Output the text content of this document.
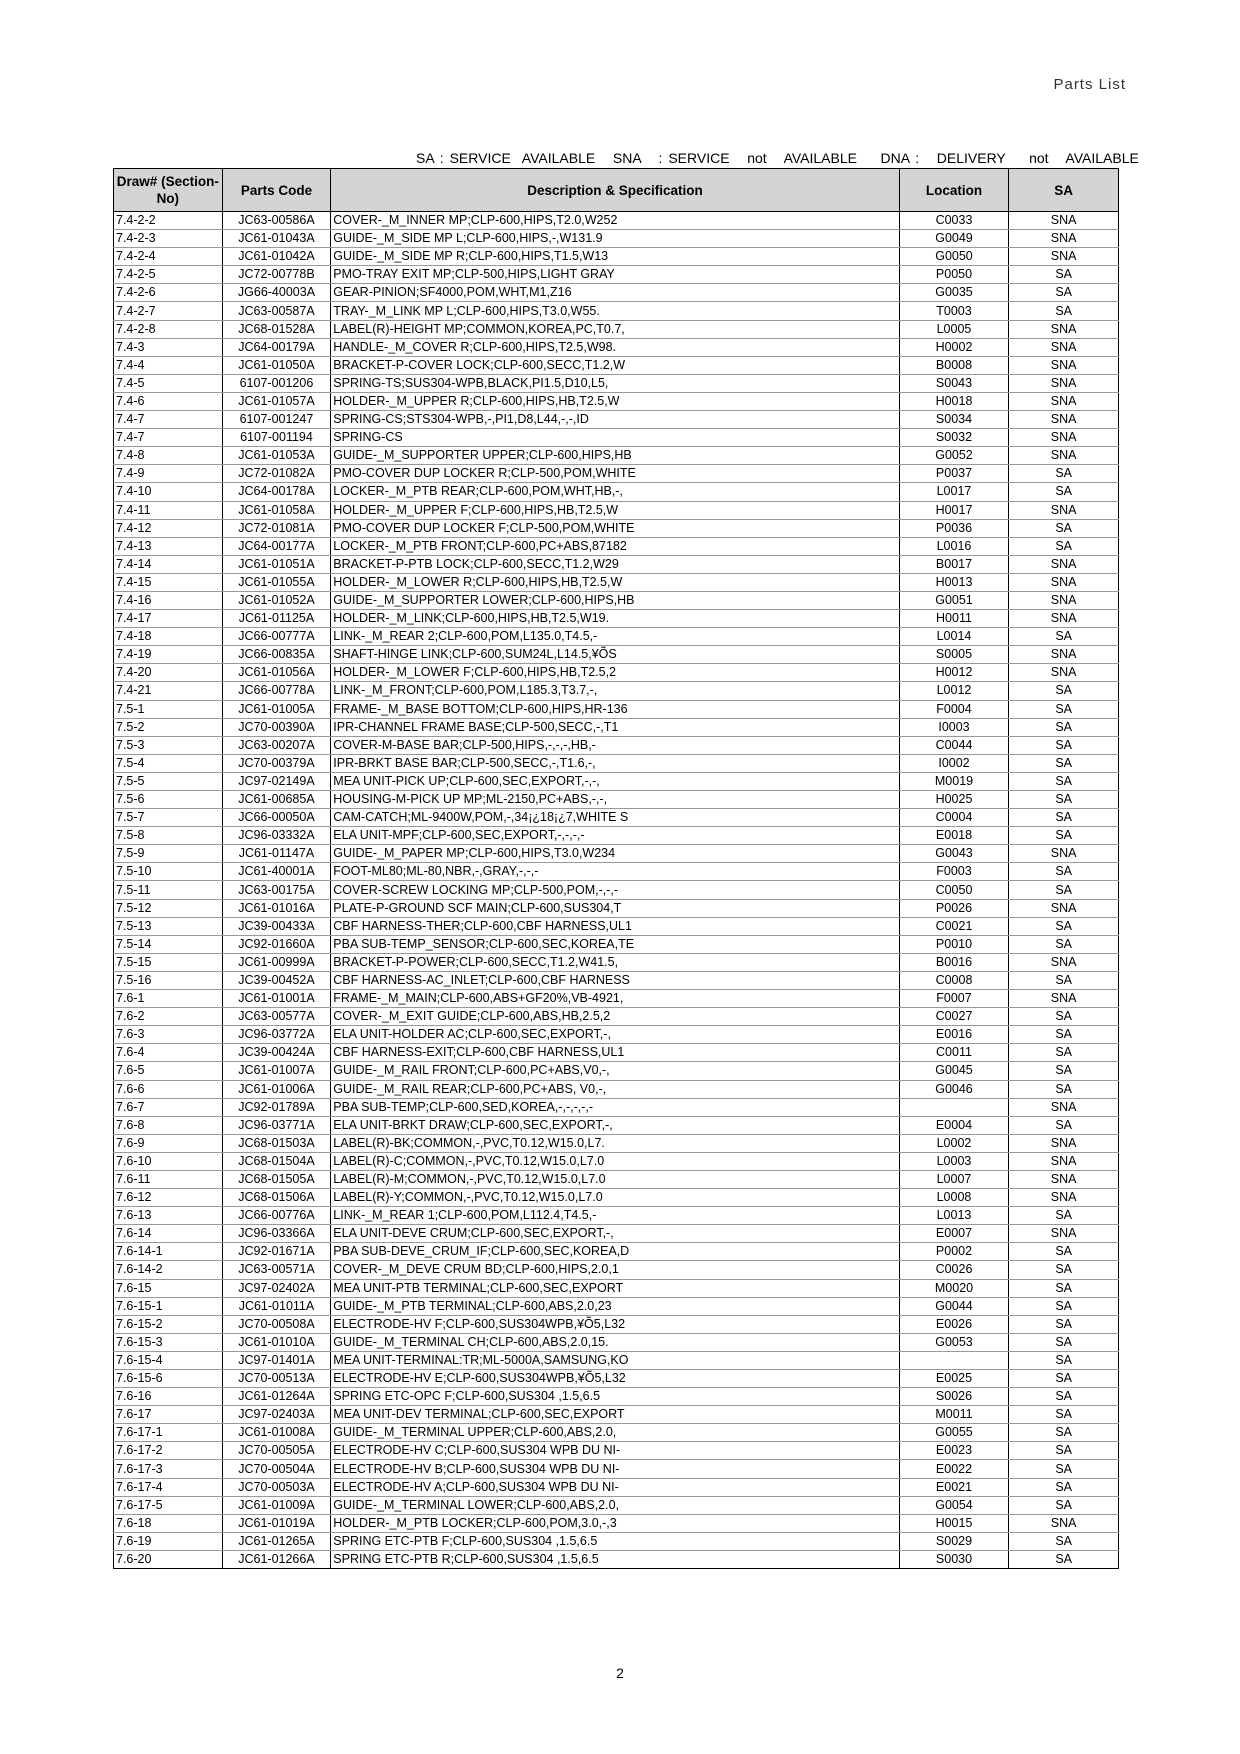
Parts List
SA : SERVICE  AVAILABLE   SNA   : SERVICE   not   AVAILABLE    DNA :   DELIVERY    not   AVAILABLE
Draw# (Section-No)	Parts Code	Description & Specification	Location	SA
7.4-2-2	JC63-00586A	COVER-_M_INNER MP;CLP-600,HIPS,T2.0,W252	C0033	SNA
7.4-2-3	JC61-01043A	GUIDE-_M_SIDE MP L;CLP-600,HIPS,-,W131.9	G0049	SNA
7.4-2-4	JC61-01042A	GUIDE-_M_SIDE MP R;CLP-600,HIPS,T1.5,W13	G0050	SNA
7.4-2-5	JC72-00778B	PMO-TRAY EXIT MP;CLP-500,HIPS,LIGHT GRAY	P0050	SA
7.4-2-6	JG66-40003A	GEAR-PINION;SF4000,POM,WHT,M1,Z16	G0035	SA
7.4-2-7	JC63-00587A	TRAY-_M_LINK MP L;CLP-600,HIPS,T3.0,W55.	T0003	SA
7.4-2-8	JC68-01528A	LABEL(R)-HEIGHT MP;COMMON,KOREA,PC,T0.7,	L0005	SNA
7.4-3	JC64-00179A	HANDLE-_M_COVER R;CLP-600,HIPS,T2.5,W98.	H0002	SNA
7.4-4	JC61-01050A	BRACKET-P-COVER LOCK;CLP-600,SECC,T1.2,W	B0008	SNA
7.4-5	6107-001206	SPRING-TS;SUS304-WPB,BLACK,PI1.5,D10,L5,	S0043	SNA
7.4-6	JC61-01057A	HOLDER-_M_UPPER R;CLP-600,HIPS,HB,T2.5,W	H0018	SNA
7.4-7	6107-001247	SPRING-CS;STS304-WPB,-,PI1,D8,L44,-,-,ID	S0034	SNA
7.4-7	6107-001194	SPRING-CS	S0032	SNA
7.4-8	JC61-01053A	GUIDE-_M_SUPPORTER UPPER;CLP-600,HIPS,HB	G0052	SNA
7.4-9	JC72-01082A	PMO-COVER DUP LOCKER R;CLP-500,POM,WHITE	P0037	SA
7.4-10	JC64-00178A	LOCKER-_M_PTB REAR;CLP-600,POM,WHT,HB,-,	L0017	SA
7.4-11	JC61-01058A	HOLDER-_M_UPPER F;CLP-600,HIPS,HB,T2.5,W	H0017	SNA
7.4-12	JC72-01081A	PMO-COVER DUP LOCKER F;CLP-500,POM,WHITE	P0036	SA
7.4-13	JC64-00177A	LOCKER-_M_PTB FRONT;CLP-600,PC+ABS,87182	L0016	SA
7.4-14	JC61-01051A	BRACKET-P-PTB LOCK;CLP-600,SECC,T1.2,W29	B0017	SNA
7.4-15	JC61-01055A	HOLDER-_M_LOWER R;CLP-600,HIPS,HB,T2.5,W	H0013	SNA
7.4-16	JC61-01052A	GUIDE-_M_SUPPORTER LOWER;CLP-600,HIPS,HB	G0051	SNA
7.4-17	JC61-01125A	HOLDER-_M_LINK;CLP-600,HIPS,HB,T2.5,W19.	H0011	SNA
7.4-18	JC66-00777A	LINK-_M_REAR 2;CLP-600,POM,L135.0,T4.5,-	L0014	SA
7.4-19	JC66-00835A	SHAFT-HINGE LINK;CLP-600,SUM24L,L14.5,¥ÕS	S0005	SNA
7.4-20	JC61-01056A	HOLDER-_M_LOWER F;CLP-600,HIPS,HB,T2.5,2	H0012	SNA
7.4-21	JC66-00778A	LINK-_M_FRONT;CLP-600,POM,L185.3,T3.7,-,	L0012	SA
7.5-1	JC61-01005A	FRAME-_M_BASE BOTTOM;CLP-600,HIPS,HR-136	F0004	SA
7.5-2	JC70-00390A	IPR-CHANNEL FRAME BASE;CLP-500,SECC,-,T1	I0003	SA
7.5-3	JC63-00207A	COVER-M-BASE BAR;CLP-500,HIPS,-,-,-,HB,-	C0044	SA
7.5-4	JC70-00379A	IPR-BRKT BASE BAR;CLP-500,SECC,-,T1.6,-,	I0002	SA
7.5-5	JC97-02149A	MEA UNIT-PICK UP;CLP-600,SEC,EXPORT,-,-,	M0019	SA
7.5-6	JC61-00685A	HOUSING-M-PICK UP MP;ML-2150,PC+ABS,-,-,	H0025	SA
7.5-7	JC66-00050A	CAM-CATCH;ML-9400W,POM,-,34¡¿18¡¿7,WHITE S	C0004	SA
7.5-8	JC96-03332A	ELA UNIT-MPF;CLP-600,SEC,EXPORT,-,-,-,-	E0018	SA
7.5-9	JC61-01147A	GUIDE-_M_PAPER MP;CLP-600,HIPS,T3.0,W234	G0043	SNA
7.5-10	JC61-40001A	FOOT-ML80;ML-80,NBR,-,GRAY,-,-,-	F0003	SA
7.5-11	JC63-00175A	COVER-SCREW LOCKING MP;CLP-500,POM,-,-,-	C0050	SA
7.5-12	JC61-01016A	PLATE-P-GROUND SCF MAIN;CLP-600,SUS304,T	P0026	SNA
7.5-13	JC39-00433A	CBF HARNESS-THER;CLP-600,CBF HARNESS,UL1	C0021	SA
7.5-14	JC92-01660A	PBA SUB-TEMP_SENSOR;CLP-600,SEC,KOREA,TE	P0010	SA
7.5-15	JC61-00999A	BRACKET-P-POWER;CLP-600,SECC,T1.2,W41.5,	B0016	SNA
7.5-16	JC39-00452A	CBF HARNESS-AC_INLET;CLP-600,CBF HARNESS	C0008	SA
7.6-1	JC61-01001A	FRAME-_M_MAIN;CLP-600,ABS+GF20%,VB-4921,	F0007	SNA
7.6-2	JC63-00577A	COVER-_M_EXIT GUIDE;CLP-600,ABS,HB,2.5,2	C0027	SA
7.6-3	JC96-03772A	ELA UNIT-HOLDER AC;CLP-600,SEC,EXPORT,-,	E0016	SA
7.6-4	JC39-00424A	CBF HARNESS-EXIT;CLP-600,CBF HARNESS,UL1	C0011	SA
7.6-5	JC61-01007A	GUIDE-_M_RAIL FRONT;CLP-600,PC+ABS,V0,-,	G0045	SA
7.6-6	JC61-01006A	GUIDE-_M_RAIL REAR;CLP-600,PC+ABS, V0,-,	G0046	SA
7.6-7	JC92-01789A	PBA SUB-TEMP;CLP-600,SED,KOREA,-,-,-,-,-		SNA
7.6-8	JC96-03771A	ELA UNIT-BRKT DRAW;CLP-600,SEC,EXPORT,-,	E0004	SA
7.6-9	JC68-01503A	LABEL(R)-BK;COMMON,-,PVC,T0.12,W15.0,L7.	L0002	SNA
7.6-10	JC68-01504A	LABEL(R)-C;COMMON,-,PVC,T0.12,W15.0,L7.0	L0003	SNA
7.6-11	JC68-01505A	LABEL(R)-M;COMMON,-,PVC,T0.12,W15.0,L7.0	L0007	SNA
7.6-12	JC68-01506A	LABEL(R)-Y;COMMON,-,PVC,T0.12,W15.0,L7.0	L0008	SNA
7.6-13	JC66-00776A	LINK-_M_REAR 1;CLP-600,POM,L112.4,T4.5,-	L0013	SA
7.6-14	JC96-03366A	ELA UNIT-DEVE CRUM;CLP-600,SEC,EXPORT,-,	E0007	SNA
7.6-14-1	JC92-01671A	PBA SUB-DEVE_CRUM_IF;CLP-600,SEC,KOREA,D	P0002	SA
7.6-14-2	JC63-00571A	COVER-_M_DEVE CRUM BD;CLP-600,HIPS,2.0,1	C0026	SA
7.6-15	JC97-02402A	MEA UNIT-PTB TERMINAL;CLP-600,SEC,EXPORT	M0020	SA
7.6-15-1	JC61-01011A	GUIDE-_M_PTB TERMINAL;CLP-600,ABS,2.0,23	G0044	SA
7.6-15-2	JC70-00508A	ELECTRODE-HV F;CLP-600,SUS304WPB,¥Õ5,L32	E0026	SA
7.6-15-3	JC61-01010A	GUIDE-_M_TERMINAL CH;CLP-600,ABS,2.0,15.	G0053	SA
7.6-15-4	JC97-01401A	MEA UNIT-TERMINAL:TR;ML-5000A,SAMSUNG,KO		SA
7.6-15-6	JC70-00513A	ELECTRODE-HV E;CLP-600,SUS304WPB,¥Õ5,L32	E0025	SA
7.6-16	JC61-01264A	SPRING ETC-OPC F;CLP-600,SUS304 ,1.5,6.5	S0026	SA
7.6-17	JC97-02403A	MEA UNIT-DEV TERMINAL;CLP-600,SEC,EXPORT	M0011	SA
7.6-17-1	JC61-01008A	GUIDE-_M_TERMINAL UPPER;CLP-600,ABS,2.0,	G0055	SA
7.6-17-2	JC70-00505A	ELECTRODE-HV C;CLP-600,SUS304 WPB DU NI-	E0023	SA
7.6-17-3	JC70-00504A	ELECTRODE-HV B;CLP-600,SUS304 WPB DU NI-	E0022	SA
7.6-17-4	JC70-00503A	ELECTRODE-HV A;CLP-600,SUS304 WPB DU NI-	E0021	SA
7.6-17-5	JC61-01009A	GUIDE-_M_TERMINAL LOWER;CLP-600,ABS,2.0,	G0054	SA
7.6-18	JC61-01019A	HOLDER-_M_PTB LOCKER;CLP-600,POM,3.0,-,3	H0015	SNA
7.6-19	JC61-01265A	SPRING ETC-PTB F;CLP-600,SUS304 ,1.5,6.5	S0029	SA
7.6-20	JC61-01266A	SPRING ETC-PTB R;CLP-600,SUS304 ,1.5,6.5	S0030	SA
2
